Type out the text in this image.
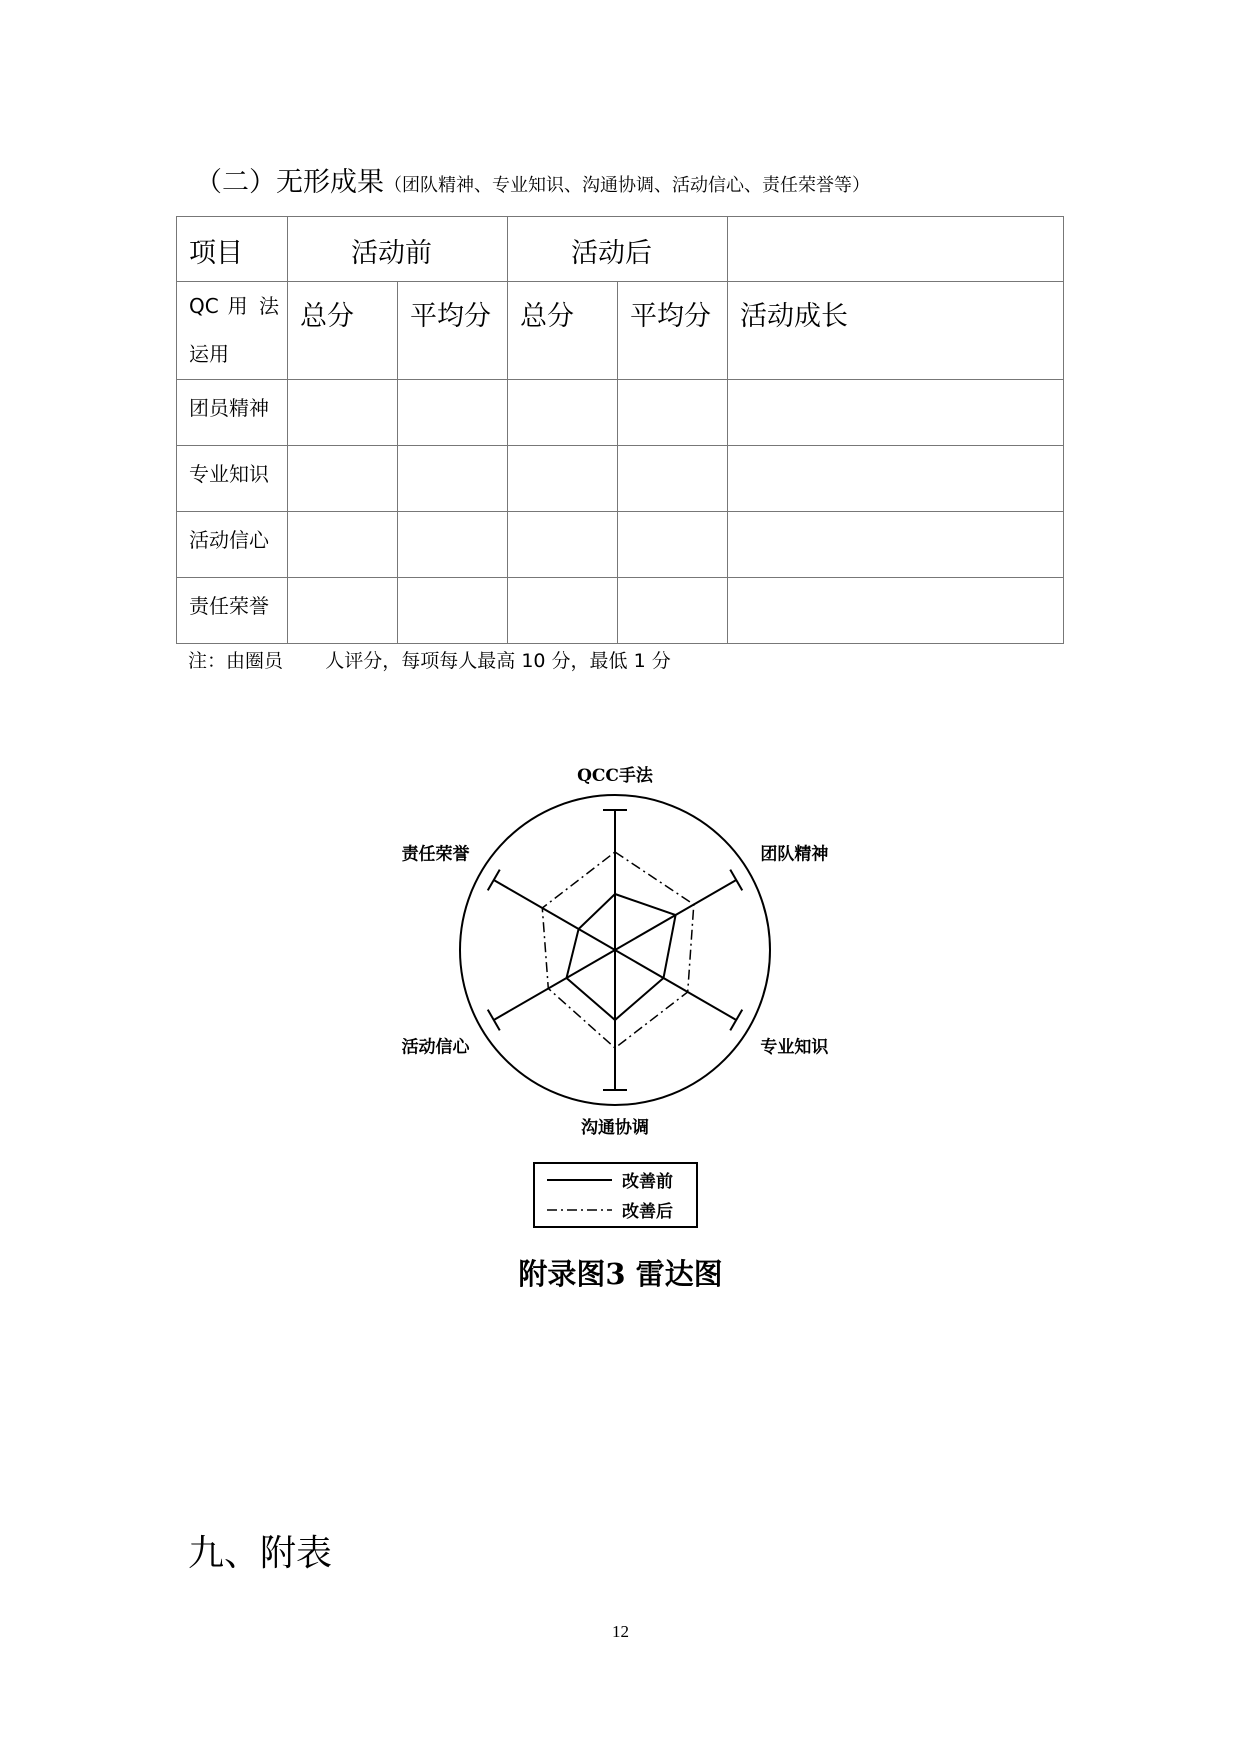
（二）无形成果（团队精神、专业知识、沟通协调、活动信心、责任荣誉等）
项目	活动前		活动后		
QC 用 法 运用	总分	平均分	总分	平均分	活动成长
团员精神					
专业知识					
活动信心					
责任荣誉					
注：由圈员       人评分，每项每人最高 10 分，最低 1 分
QCC手法
团队精神
专业知识
沟通协调
活动信心
责任荣誉
改善前
改善后
附录图3 雷达图
九、附表
12
